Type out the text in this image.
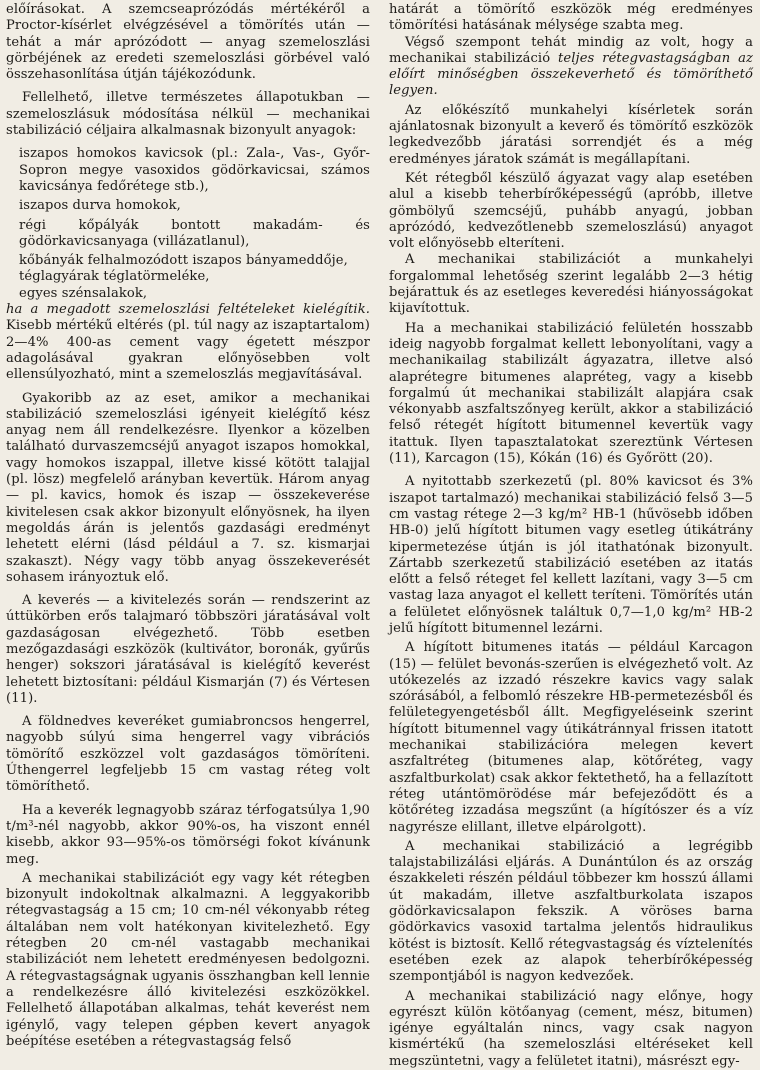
előírásokat. A szemcseaprózódás mértékéről a Proctor-kísérlet elvégzésével a tömörítés után — tehát a már aprózódott — anyag szemeloszlási görbéjének az eredeti szemeloszlási görbével való összehasonlítása útján tájékozódunk.

Fellelhető, illetve természetes állapotukban — szemeloszlásuk módosítása nélkül — mechanikai stabilizáció céljaira alkalmasnak bizonyult anyagok:

iszapos homokos kavicsok (pl.: Zala-, Vas-, Győr-Sopron megye vasoxidos gödörkavicsai, számos kavicsánya fedőrétege stb.),

iszapos durva homokok,

régi kőpályák bontott makadám- és gödörkavicsanyaga (villázatlanul),

kőbányák felhalmozódott iszapos bányameddője,

téglagyárak téglatörmeléke,

egyes szénsalakok,

ha a megadott szemeloszlási feltételeket kielégítik. Kisebb mértékű eltérés (pl. túl nagy az iszaptartalom) 2—4% 400-as cement vagy égetett mészpor adagolásával gyakran előnyösebben volt ellensúlyozható, mint a szemeloszlás megjavításával.

Gyakoribb az az eset, amikor a mechanikai stabilizáció szemeloszlási igényeit kielégítő kész anyag nem áll rendelkezésre. Ilyenkor a közelben található durvaszemcséjű anyagot iszapos homokkal, vagy homokos iszappal, illetve kissé kötött talajjal (pl. lösz) megfelelő arányban kevertük. Három anyag — pl. kavics, homok és iszap — összekeverése kivitelesen csak akkor bizonyult előnyösnek, ha ilyen megoldás árán is jelentős gazdasági eredményt lehetett elérni (lásd például a 7. sz. kismarjai szakaszt). Négy vagy több anyag összekeverését sohasem irányoztuk elő.

A keverés — a kivitelezés során — rendszerint az úttükörben erős talajmaró többszöri járatásával volt gazdaságosan elvégezhető. Több esetben mezőgazdasági eszközök (kultivátor, boronák, gyűrűs henger) sokszori járatásával is kielégítő keverést lehetett biztosítani: például Kismarján (7) és Vértesen (11).

A földnedves keveréket gumiabroncsos hengerrel, nagyobb súlyú sima hengerrel vagy vibrációs tömörítő eszközzel volt gazdaságos tömöríteni. Úthengerrel legfeljebb 15 cm vastag réteg volt tömöríthető.

Ha a keverék legnagyobb száraz térfogatsúlya 1,90 t/m³-nél nagyobb, akkor 90%-os, ha viszont ennél kisebb, akkor 93—95%-os tömörségi fokot kívánunk meg.

A mechanikai stabilizációt egy vagy két rétegben bizonyult indokoltnak alkalmazni. A leggyakoribb rétegvastagság a 15 cm; 10 cm-nél vékonyabb réteg általában nem volt hatékonyan kivitelezhető. Egy rétegben 20 cm-nél vastagabb mechanikai stabilizációt nem lehetett eredményesen bedolgozni. A rétegvastagságnak ugyanis összhangban kell lennie a rendelkezésre álló kivitelezési eszközökkel. Fellelhető állapotában alkalmas, tehát keverést nem igénylő, vagy telepen gépben kevert anyagok beépítése esetében a rétegvastagság felső

határát a tömörítő eszközök még eredményes tömörítési hatásának mélysége szabta meg.

Végső szempont tehát mindig az volt, hogy a mechanikai stabilizáció teljes rétegvastagságban az előírt minőségben összekeverhető és tömöríthető legyen.

Az előkészítő munkahelyi kísérletek során ajánlatosnak bizonyult a keverő és tömörítő eszközök legkedvezőbb járatási sorrendjét és a még eredményes járatok számát is megállapítani.

Két rétegből készülő ágyazat vagy alap esetében alul a kisebb teherbírőképességű (apróbb, illetve gömbölyű szemcséjű, puhább anyagú, jobban aprózódó, kedvezőtlenebb szemeloszlású) anyagot volt előnyösebb elteríteni.

A mechanikai stabilizációt a munkahelyi forgalommal lehetőség szerint legalább 2—3 hétig bejárattuk és az esetleges keveredési hiányosságokat kijavítottuk.

Ha a mechanikai stabilizáció felületén hosszabb ideig nagyobb forgalmat kellett lebonyolítani, vagy a mechanikailag stabilizált ágyazatra, illetve alsó alaprétegre bitumenes alapréteg, vagy a kisebb forgalmú út mechanikai stabilizált alapjára csak vékonyabb aszfaltszőnyeg került, akkor a stabilizáció felső rétegét hígított bitumennel kevertük vagy itattuk. Ilyen tapasztalatokat szereztünk Vértesen (11), Karcagon (15), Kókán (16) és Győrött (20).

A nyitottabb szerkezetű (pl. 80% kavicsot és 3% iszapot tartalmazó) mechanikai stabilizáció felső 3—5 cm vastag rétege 2—3 kg/m² HB-1 (hűvösebb időben HB-0) jelű hígított bitumen vagy esetleg útikátrány kipermetezése útján is jól itathatónak bizonyult. Zártabb szerkezetű stabilizáció esetében az itatás előtt a felső réteget fel kellett lazítani, vagy 3—5 cm vastag laza anyagot el kellett teríteni. Tömörítés után a felületet előnyösnek találtuk 0,7—1,0 kg/m² HB-2 jelű hígított bitumennel lezárni.

A hígított bitumenes itatás — például Karcagon (15) — felület bevonás-szerűen is elvégezhető volt. Az utókezelés az izzadó részekre kavics vagy salak szórásából, a felbomló részekre HB-permetezésből és felületegyengetésből állt. Megfigyeléseink szerint hígított bitumennel vagy útikátránnyal frissen itatott mechanikai stabilizációra melegen kevert aszfaltréteg (bitumenes alap, kötőréteg, vagy aszfaltburkolat) csak akkor fektethető, ha a fellazított réteg utántömörödése már befejeződött és a kötőréteg izzadása megszűnt (a hígítószer és a víz nagyrésze elillant, illetve elpárolgott).

A mechanikai stabilizáció a legrégibb talajstabilizálási eljárás. A Dunántúlon és az ország északkeleti részén például többezer km hosszú állami út makadám, illetve aszfaltburkolata iszapos gödörkavicsalapon fekszik. A vöröses barna gödörkavics vasoxid tartalma jelentős hidraulikus kötést is biztosít. Kellő rétegvastagság és víztelenítés esetében ezek az alapok teherbírőképesség szempontjából is nagyon kedvezőek.

A mechanikai stabilizáció nagy előnye, hogy egyrészt külön kötőanyag (cement, mész, bitumen) igénye egyáltalán nincs, vagy csak nagyon kismértékű (ha szemeloszlási eltéréseket kell megszüntetni, vagy a felületet itatni), másrészt egy-
